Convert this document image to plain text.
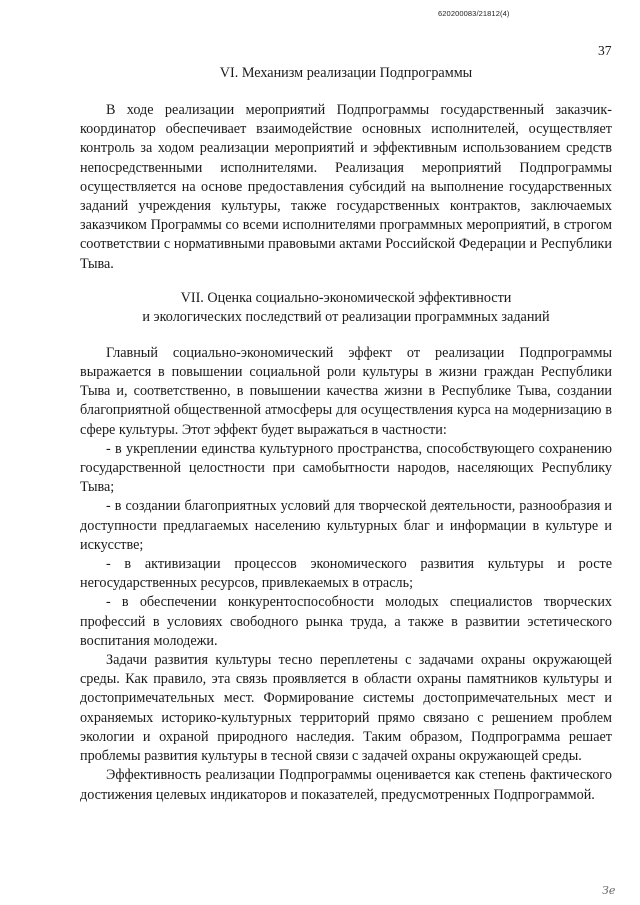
620200083/21812(4)
37
VI. Механизм реализации Подпрограммы

В ходе реализации мероприятий Подпрограммы государственный заказчик-координатор обеспечивает взаимодействие основных исполнителей, осуществляет контроль за ходом реализации мероприятий и эффективным использованием средств непосредственными исполнителями. Реализация мероприятий Подпрограммы осуществляется на основе предоставления субсидий на выполнение государственных заданий учреждения культуры, также государственных контрактов, заключаемых заказчиком Программы со всеми исполнителями программных мероприятий, в строгом соответствии с нормативными правовыми актами Российской Федерации и Республики Тыва.

VII. Оценка социально-экономической эффективности
и экологических последствий от реализации программных заданий

Главный социально-экономический эффект от реализации Подпрограммы выражается в повышении социальной роли культуры в жизни граждан Республики Тыва и, соответственно, в повышении качества жизни в Республике Тыва, создании благоприятной общественной атмосферы для осуществления курса на модернизацию в сфере культуры. Этот эффект будет выражаться в частности:

- в укреплении единства культурного пространства, способствующего сохранению государственной целостности при самобытности народов, населяющих Республику Тыва;

- в создании благоприятных условий для творческой деятельности, разнообразия и доступности предлагаемых населению культурных благ и информации в культуре и искусстве;

- в активизации процессов экономического развития культуры и росте негосударственных ресурсов, привлекаемых в отрасль;

- в обеспечении конкурентоспособности молодых специалистов творческих профессий в условиях свободного рынка труда, а также в развитии эстетического воспитания молодежи.

Задачи развития культуры тесно переплетены с задачами охраны окружающей среды. Как правило, эта связь проявляется в области охраны памятников культуры и достопримечательных мест. Формирование системы достопримечательных мест и охраняемых историко-культурных территорий прямо связано с решением проблем экологии и охраной природного наследия. Таким образом, Подпрограмма решает проблемы развития культуры в тесной связи с задачей охраны окружающей среды.

Эффективность реализации Подпрограммы оценивается как степень фактического достижения целевых индикаторов и показателей, предусмотренных Подпрограммой.

Зе
